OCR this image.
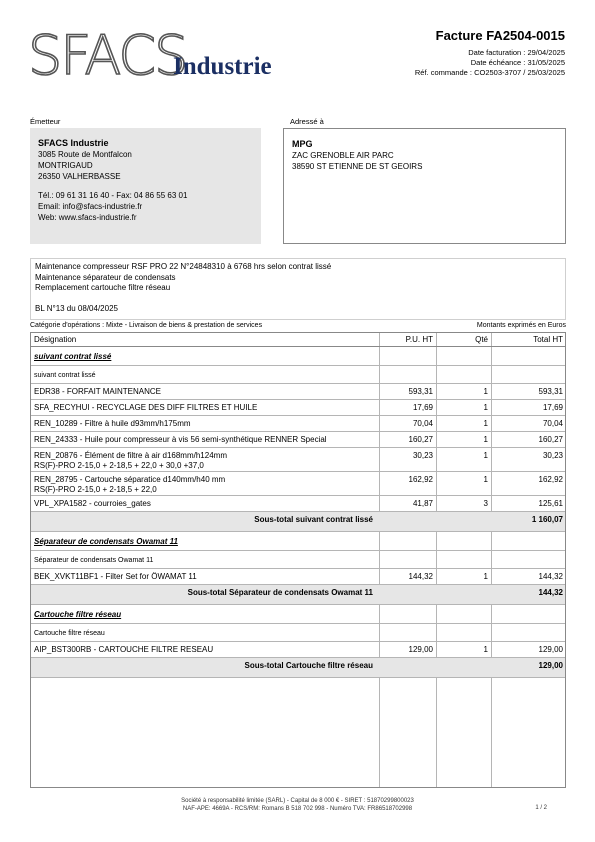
SFACS
Industrie
Facture FA2504-0015
Date facturation : 29/04/2025
Date échéance : 31/05/2025
Réf. commande : CO2503-3707 / 25/03/2025
Émetteur	Adressé à
SFACS Industrie
3085 Route de Montfalcon
MONTRIGAUD
26350 VALHERBASSE
Tél.: 09 61 31 16 40 - Fax: 04 86 55 63 01
Email: info@sfacs-industrie.fr
Web: www.sfacs-industrie.fr
MPG
ZAC GRENOBLE AIR PARC
38590 ST ETIENNE DE ST GEOIRS
Maintenance compresseur RSF PRO 22 N°24848310 à 6768 hrs selon contrat lissé
Maintenance séparateur de condensats
Remplacement cartouche filtre réseau
BL N°13 du 08/04/2025
Catégorie d'opérations : Mixte - Livraison de biens & prestation de services	Montants exprimés en Euros
Désignation	P.U. HT	Qté	Total HT
suivant contrat lissé
suivant contrat lissé
EDR38 - FORFAIT MAINTENANCE	593,31	1	593,31
SFA_RECYHUI - RECYCLAGE DES DIFF FILTRES ET HUILE	17,69	1	17,69
REN_10289 - Filtre à huile d93mm/h175mm	70,04	1	70,04
REN_24333 - Huile pour compresseur à vis 56 semi-synthétique RENNER Special	160,27	1	160,27
REN_20876 - Élément de filtre à air d168mm/h124mm
RS(F)-PRO 2-15,0 + 2-18,5 + 22,0 + 30,0 +37,0
30,23	1	30,23
REN_28795 - Cartouche séparatice d140mm/h40 mm
RS(F)-PRO 2-15,0 + 2-18,5 + 22,0
162,92	1	162,92
VPL_XPA1582 - courroies_gates	41,87	3	125,61
Sous-total suivant contrat lissé	1 160,07
Séparateur de condensats Owamat 11
Séparateur de condensats Owamat 11
BEK_XVKT11BF1 - Filter Set for ÖWAMAT 11	144,32	1	144,32
Sous-total Séparateur de condensats Owamat 11	144,32
Cartouche filtre réseau
Cartouche filtre réseau
AIP_BST300RB - CARTOUCHE FILTRE RESEAU	129,00	1	129,00
Sous-total Cartouche filtre réseau	129,00
Société à responsabilité limitée (SARL) - Capital de 8 000 € - SIRET : 51870299800023
NAF-APE: 4669A - RCS/RM: Romans B 518 702 998 - Numéro TVA: FR86518702998	1 / 2
